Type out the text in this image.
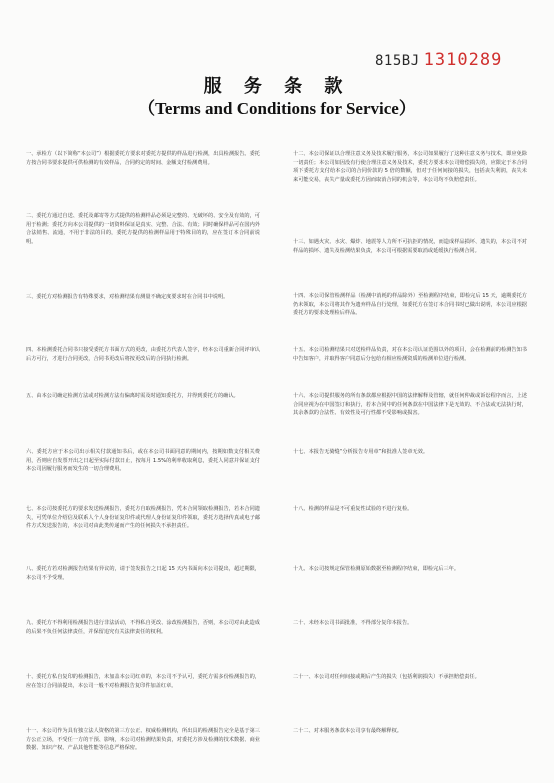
815BJ 1310289
服 务 条 款
（Terms and Conditions for Service）

一、承检方（以下简称“本公司”）根据委托方要求对委托方提供的样品进行检测，出具检测报告。委托方按合同书要求提供可供检测的有效样品，合同约定的时间、金额支付检测费用。

二、委托方通过自送、委托及邮寄等方式提供的检测样品必须是完整的、无破坏的、安全及有效的，可用于检测；委托方向本公司提供的一切资料保证是真实、完整、合法、有效；同时确保样品可在国内外合法销售、流通，不用于非法的目的，委托方提供的检测样品用于特殊目的的，应在签订本合同前说明。

三、委托方对检测报告有特殊要求，对检测结果有测量不确定度要求时在合同书中说明。

四、本检测委托合同书只接受委托方书面方式的更改，由委托方代表人签字，经本公司重新合同评审认后方可行，才进行合同更改，合同书更改后将按更改后的合同执行检测。

五、由本公司确定检测方法或对检测方法有偏离时需及时通知委托方，并得到委托方的确认。

六、委托方应于本公司出示相关付款通知书后，或在本公司书面同意的期间内，按期如数支付相关费用，否则应自发票开出之日起至实际付款日止，按每月 1.5%的利率收取利息，委托人同意并保证支付本公司因履行服务而发生的一切合理费用。

七、本公司按委托方的要求发送检测报告，委托方自取检测报告，凭本合同领取检测报告，若本合同遗失，可凭单位介绍信及联系人个人身份证复印件或代理人身份证复印件领取，委托方选择传真或电子邮件方式发送报告的，本公司对由此类传递而产生的任何损失不承担责任。

八、委托方若对检测报告结果有异议的，请于签发报告之日起 15 天内书面向本公司提出，超过期限，本公司不予受理。

九、委托方不得利用检测报告进行非法活动，不得私自更改、涂改检测报告，否则，本公司对由此造成的后果不负任何法律责任，并保留追究有关法律责任的权利。

十、委托方私自复印的检测报告，未加盖本公司红章的，本公司不予认可，委托方需多份检测报告的，应在签订合同前提出，本公司一般不对检测报告复印件加盖红章。

十一、本公司作为具有独立法人资格的第三方公正、权威检测机构，所出具的检测报告完全是基于第三方公正立场，不受任一方的干预、影响，本公司对检测结果负责，对委托方涉及检测的技术数据、商业数据、知识产权、产品其他性能等信息严格保密。

十二、本公司保证以合理注意义务及技术履行服务，本公司如果履行了这种注意义务与技术，即应免除一切责任；本公司如因没有行使合理注意义务及技术，委托方要求本公司赔偿损失的，应限定于本合同项下委托方支付给本公司的合同价款的 5 倍的数额，但对于任何间接的损失，包括丧失利润，丧失未来可能交易，丧失产量或委托方因而取消合同的机会等，本公司均不负赔偿责任。

十三、如遇火灾、水灾、爆炸、地震等人力所不可抗拒的情况，而造成样品损坏、遗失的，本公司不对样品的损坏、遗失及检测结果负责，本公司可根据需要取消或延缓执行检测合同。

十四、本公司保管检测样品（检测中消耗的样品除外）至检测程序结束，即检完后 15 天，逾期委托方仍未领取，本公司将其作为遗弃样品自行处理，如委托方在签订本合同书时已做出说明，本公司应根据委托方的要求处理检后样品。

十五、本公司检测结果只对送检样品负责，对在本公司认证范围以外的项目，会在检测前的检测告知书中告知客户，并取得客户同意后分包给有相应检测资质的检测单位进行检测。

十六、本公司提供服务的所有条款都应根据中国的法律解释及管辖，就任何仲裁或诉讼程序而言，上述合同应视为在中国签订和执行，若本合同中的任何条款在中国法律下是无效的、不合法或无法执行时，其余条款的合法性、有效性及可行性都不受影响或损害。

十七、本报告无骑缝“分析报告专用章”和批准人签章无效。

十八、检测的样品是不可重复性试验的不进行复检。

十九、本公司按规定保管检测原始数据至检测程序结束，即检完后三年。

二十、未经本公司书面批准，不得部分复印本报告。

二十一、本公司对任何间接或期后产生的损失（包括利润损失）不承担赔偿责任。

二十二、对本服务条款本公司享有最终解释权。
